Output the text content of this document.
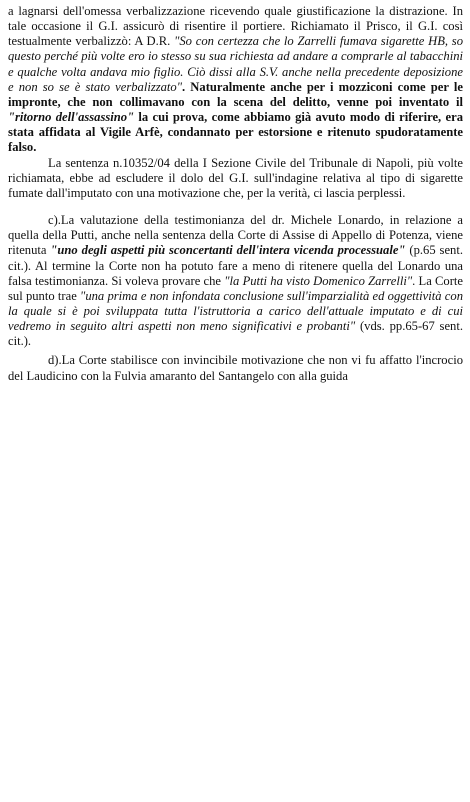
a lagnarsi dell'omessa verbalizzazione ricevendo quale giustificazione la distrazione. In tale occasione il G.I. assicurò di risentire il portiere. Richiamato il Prisco, il G.I. così testualmente verbalizzò: A D.R. "So con certezza che lo Zarrelli fumava sigarette HB, so questo perché più volte ero io stesso su sua richiesta ad andare a comprarle al tabacchini e qualche volta andava mio figlio. Ciò dissi alla S.V. anche nella precedente deposizione e non so se è stato verbalizzato". Naturalmente anche per i mozziconi come per le impronte, che non collimavano con la scena del delitto, venne poi inventato il "ritorno dell'assassino" la cui prova, come abbiamo già avuto modo di riferire, era stata affidata al Vigile Arfè, condannato per estorsione e ritenuto spudoratamente falso.

La sentenza n.10352/04 della I Sezione Civile del Tribunale di Napoli, più volte richiamata, ebbe ad escludere il dolo del G.I. sull'indagine relativa al tipo di sigarette fumate dall'imputato con una motivazione che, per la verità, ci lascia perplessi.

c).La valutazione della testimonianza del dr. Michele Lonardo, in relazione a quella della Putti, anche nella sentenza della Corte di Assise di Appello di Potenza, viene ritenuta "uno degli aspetti più sconcertanti dell'intera vicenda processuale" (p.65 sent. cit.). Al termine la Corte non ha potuto fare a meno di ritenere quella del Lonardo una falsa testimonianza. Si voleva provare che "la Putti ha visto Domenico Zarrelli". La Corte sul punto trae "una prima e non infondata conclusione sull'imparzialità ed oggettività con la quale si è poi sviluppata tutta l'istruttoria a carico dell'attuale imputato e di cui vedremo in seguito altri aspetti non meno significativi e probanti" (vds. pp.65-67 sent. cit.).

d).La Corte stabilisce con invincibile motivazione che non vi fu affatto l'incrocio del Laudicino con la Fulvia amaranto del Santangelo con alla guida
